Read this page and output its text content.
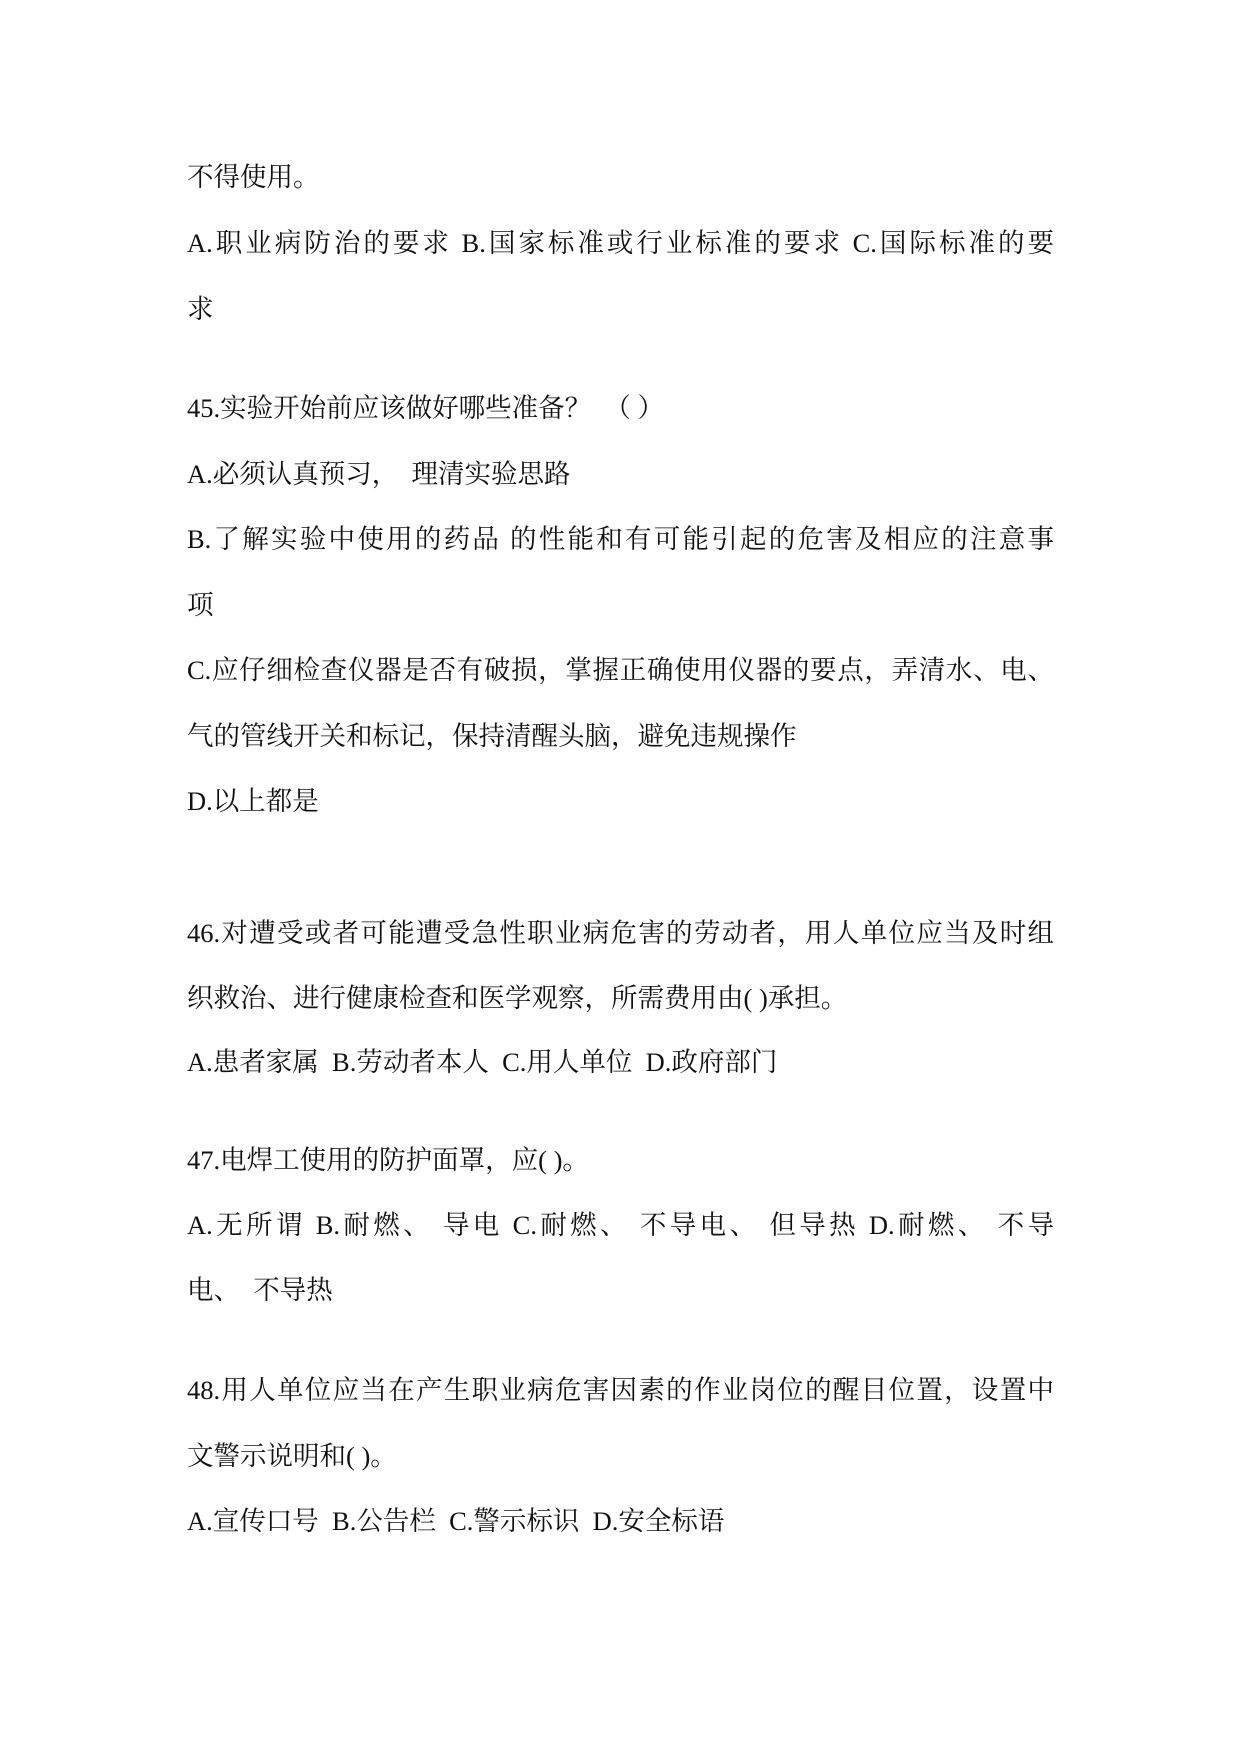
不得使用。
A.职业病防治的要求 B.国家标准或行业标准的要求 C.国际标准的要
求
45.实验开始前应该做好哪些准备？  （ ）
A.必须认真预习，  理清实验思路
B.了解实验中使用的药品 的性能和有可能引起的危害及相应的注意事
项
C.应仔细检查仪器是否有破损，掌握正确使用仪器的要点，弄清水、电、
气的管线开关和标记，保持清醒头脑，避免违规操作
D.以上都是
46.对遭受或者可能遭受急性职业病危害的劳动者，用人单位应当及时组
织救治、进行健康检查和医学观察，所需费用由( )承担。
A.患者家属  B.劳动者本人  C.用人单位  D.政府部门
47.电焊工使用的防护面罩，应( )。
A.无所谓 B.耐燃、 导电 C.耐燃、 不导电、 但导热 D.耐燃、 不导
电、  不导热
48.用人单位应当在产生职业病危害因素的作业岗位的醒目位置，设置中
文警示说明和( )。
A.宣传口号  B.公告栏  C.警示标识  D.安全标语
